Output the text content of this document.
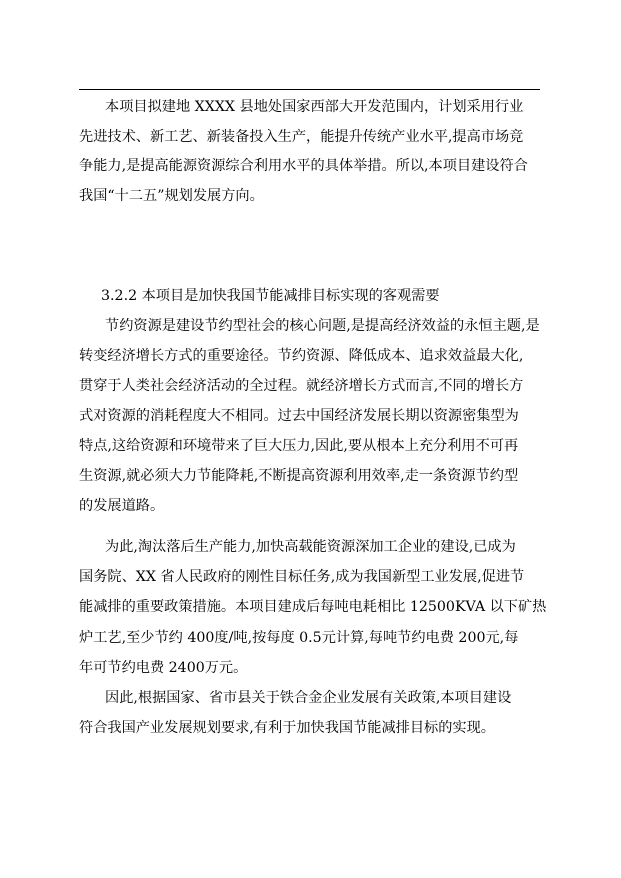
本项目拟建地 XXXX 县地处国家西部大开发范围内，计划采用行业
先进技术、新工艺、新装备投入生产，能提升传统产业水平,提高市场竞
争能力,是提高能源资源综合利用水平的具体举措。所以,本项目建设符合
我国“十二五”规划发展方向。
3.2.2 本项目是加快我国节能减排目标实现的客观需要
节约资源是建设节约型社会的核心问题,是提高经济效益的永恒主题,是
转变经济增长方式的重要途径。节约资源、降低成本、追求效益最大化,
贯穿于人类社会经济活动的全过程。就经济增长方式而言,不同的增长方
式对资源的消耗程度大不相同。过去中国经济发展长期以资源密集型为
特点,这给资源和环境带来了巨大压力,因此,要从根本上充分利用不可再
生资源,就必须大力节能降耗,不断提高资源利用效率,走一条资源节约型
的发展道路。
为此,淘汰落后生产能力,加快高载能资源深加工企业的建设,已成为
国务院、XX 省人民政府的刚性目标任务,成为我国新型工业发展,促进节
能减排的重要政策措施。本项目建成后每吨电耗相比 12500KVA 以下矿热
炉工艺,至少节约 400度/吨,按每度 0.5元计算,每吨节约电费 200元,每
年可节约电费 2400万元。
因此,根据国家、省市县关于铁合金企业发展有关政策,本项目建设
符合我国产业发展规划要求,有利于加快我国节能减排目标的实现。
